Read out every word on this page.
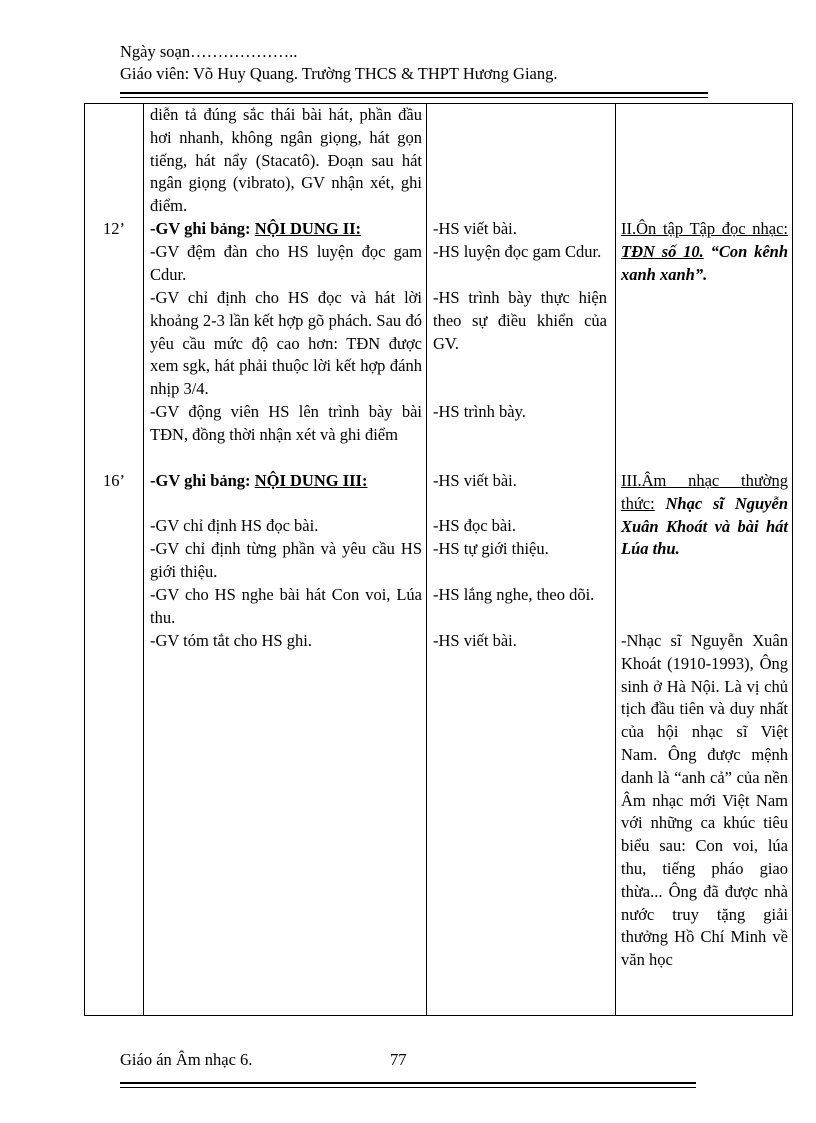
Ngày soạn………………..
Giáo viên: Võ Huy Quang. Trường THCS & THPT Hương Giang.
12’
16’
diễn tả đúng sắc thái bài hát, phần đầu hơi nhanh, không ngân giọng, hát gọn tiếng, hát nẩy (Stacatô). Đoạn sau hát ngân giọng (vibrato), GV nhận xét, ghi điểm.
-GV ghi bảng: NỘI DUNG II:
-GV đệm đàn cho HS luyện đọc gam Cdur.
-GV chỉ định cho HS đọc và hát lời khoảng 2-3 lần kết hợp gõ phách. Sau đó yêu cầu mức độ cao hơn: TĐN được xem sgk, hát phải thuộc lời kết hợp đánh nhịp 3/4.
-GV động viên HS lên trình bày bài TĐN, đồng thời nhận xét và ghi điểm
-GV ghi bảng: NỘI DUNG III:
-GV chỉ định HS đọc bài.
-GV chỉ định từng phần và yêu cầu HS giới thiệu.
-GV cho HS nghe bài hát Con voi, Lúa thu.
-GV tóm tắt cho HS ghi.
-HS viết bài.
-HS luyện đọc gam Cdur.
-HS trình bày thực hiện theo sự điều khiển của GV.
-HS trình bày.
-HS viết bài.
-HS đọc bài.
-HS tự giới thiệu.
-HS lắng nghe, theo dõi.
-HS viết bài.
II.Ôn tập Tập đọc nhạc: TĐN số 10. “Con kênh xanh xanh”.
III.Âm nhạc thường thức: Nhạc sĩ Nguyễn Xuân Khoát và bài hát Lúa thu.
-Nhạc sĩ Nguyễn Xuân Khoát (1910-1993), Ông sinh ở Hà Nội. Là vị chủ tịch đầu tiên và duy nhất của hội nhạc sĩ Việt Nam. Ông được mệnh danh là “anh cả” của nền Âm nhạc mới Việt Nam với những ca khúc tiêu biểu sau: Con voi, lúa thu, tiếng pháo giao thừa... Ông đã được nhà nước truy tặng giải thưởng Hồ Chí Minh về văn học
Giáo án Âm nhạc 6.	77
